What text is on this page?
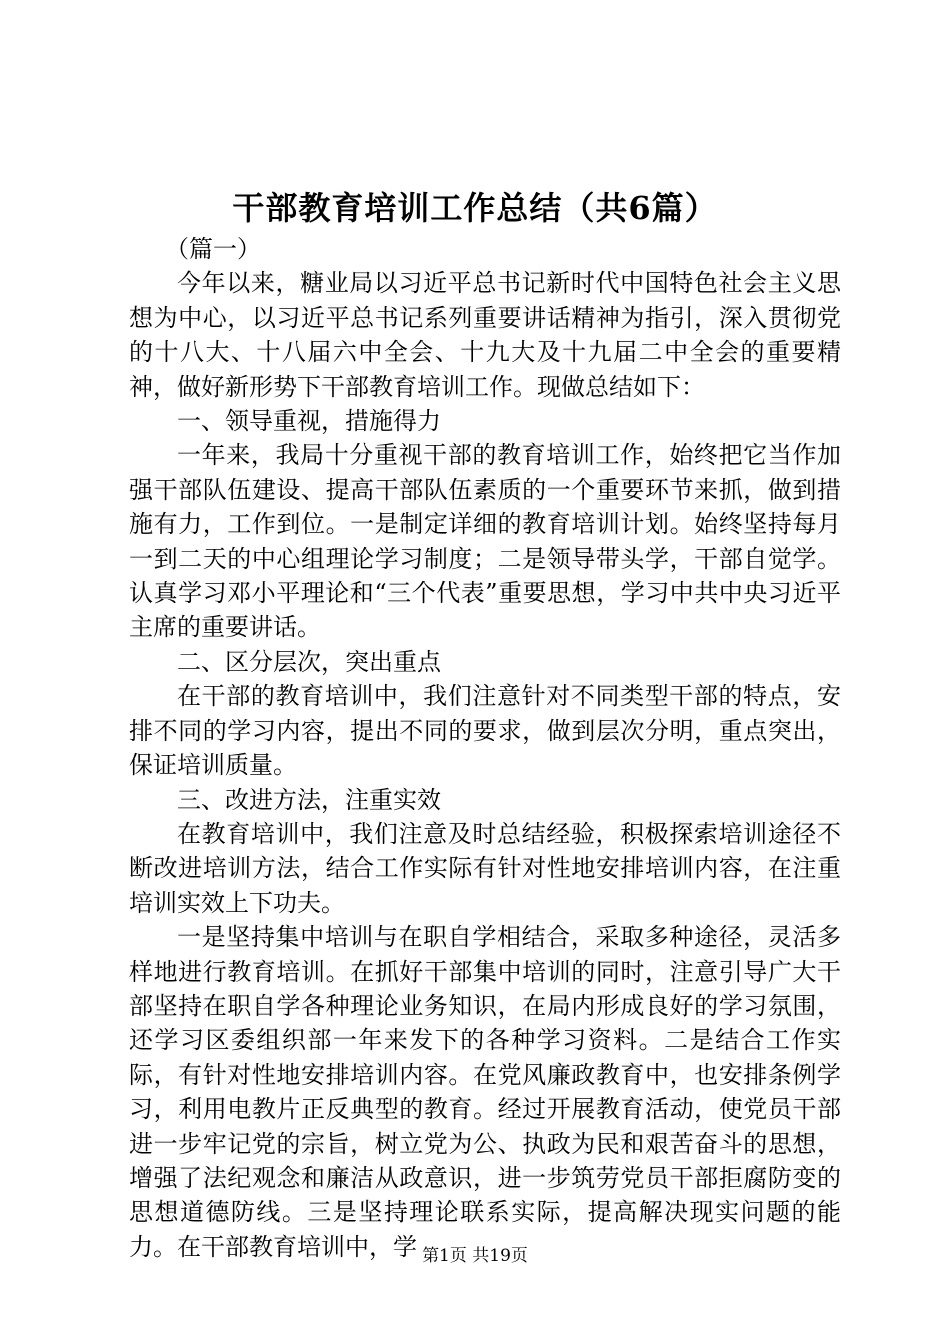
干部教育培训工作总结（共6篇）

（篇一）

今年以来，糖业局以习近平总书记新时代中国特色社会主义思想为中心，以习近平总书记系列重要讲话精神为指引，深入贯彻党的十八大、十八届六中全会、十九大及十九届二中全会的重要精神，做好新形势下干部教育培训工作。现做总结如下：

一、领导重视，措施得力

一年来，我局十分重视干部的教育培训工作，始终把它当作加强干部队伍建设、提高干部队伍素质的一个重要环节来抓，做到措施有力，工作到位。一是制定详细的教育培训计划。始终坚持每月一到二天的中心组理论学习制度；二是领导带头学，干部自觉学。认真学习邓小平理论和“三个代表”重要思想，学习中共中央习近平主席的重要讲话。

二、区分层次，突出重点

在干部的教育培训中，我们注意针对不同类型干部的特点，安排不同的学习内容，提出不同的要求，做到层次分明，重点突出，保证培训质量。

三、改进方法，注重实效

在教育培训中，我们注意及时总结经验，积极探索培训途径不断改进培训方法，结合工作实际有针对性地安排培训内容，在注重培训实效上下功夫。

一是坚持集中培训与在职自学相结合，采取多种途径，灵活多样地进行教育培训。在抓好干部集中培训的同时，注意引导广大干部坚持在职自学各种理论业务知识，在局内形成良好的学习氛围，还学习区委组织部一年来发下的各种学习资料。二是结合工作实际，有针对性地安排培训内容。在党风廉政教育中，也安排条例学习，利用电教片正反典型的教育。经过开展教育活动，使党员干部进一步牢记党的宗旨，树立党为公、执政为民和艰苦奋斗的思想，增强了法纪观念和廉洁从政意识，进一步筑劳党员干部拒腐防变的思想道德防线。三是坚持理论联系实际，提高解决现实问题的能力。在干部教育培训中，学 第1页 共19页
